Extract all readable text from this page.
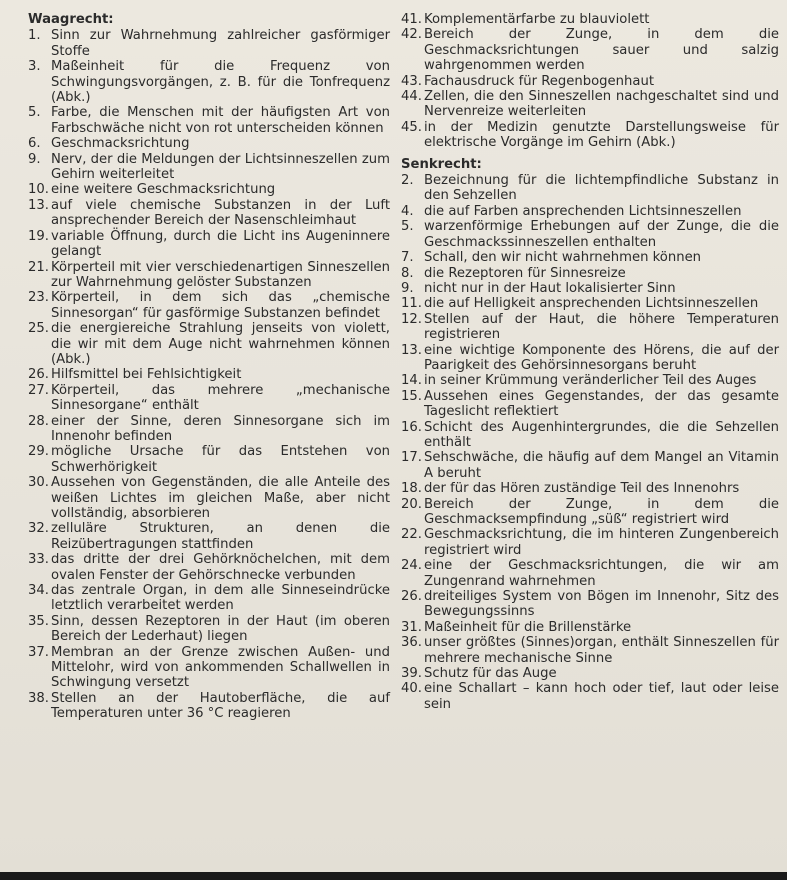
Waagrecht:
1. Sinn zur Wahrnehmung zahlreicher gasförmiger Stoffe
3. Maßeinheit für die Frequenz von Schwingungsvorgängen, z. B. für die Tonfrequenz (Abk.)
5. Farbe, die Menschen mit der häufigsten Art von Farbschwäche nicht von rot unterscheiden können
6. Geschmacksrichtung
9. Nerv, der die Meldungen der Lichtsinneszellen zum Gehirn weiterleitet
10. eine weitere Geschmacksrichtung
13. auf viele chemische Substanzen in der Luft ansprechender Bereich der Nasenschleimhaut
19. variable Öffnung, durch die Licht ins Augeninnere gelangt
21. Körperteil mit vier verschiedenartigen Sinneszellen zur Wahrnehmung gelöster Substanzen
23. Körperteil, in dem sich das „chemische Sinnesorgan“ für gasförmige Substanzen befindet
25. die energiereiche Strahlung jenseits von violett, die wir mit dem Auge nicht wahrnehmen können (Abk.)
26. Hilfsmittel bei Fehlsichtigkeit
27. Körperteil, das mehrere „mechanische Sinnesorgane“ enthält
28. einer der Sinne, deren Sinnesorgane sich im Innenohr befinden
29. mögliche Ursache für das Entstehen von Schwerhörigkeit
30. Aussehen von Gegenständen, die alle Anteile des weißen Lichtes im gleichen Maße, aber nicht vollständig, absorbieren
32. zelluläre Strukturen, an denen die Reizübertragungen stattfinden
33. das dritte der drei Gehörknöchelchen, mit dem ovalen Fenster der Gehörschnecke verbunden
34. das zentrale Organ, in dem alle Sinneseindrücke letztlich verarbeitet werden
35. Sinn, dessen Rezeptoren in der Haut (im oberen Bereich der Lederhaut) liegen
37. Membran an der Grenze zwischen Außen- und Mittelohr, wird von ankommenden Schallwellen in Schwingung versetzt
38. Stellen an der Hautoberfläche, die auf Temperaturen unter 36 °C reagieren
41. Komplementärfarbe zu blauviolett
42. Bereich der Zunge, in dem die Geschmacksrichtungen sauer und salzig wahrgenommen werden
43. Fachausdruck für Regenbogenhaut
44. Zellen, die den Sinneszellen nachgeschaltet sind und Nervenreize weiterleiten
45. in der Medizin genutzte Darstellungsweise für elektrische Vorgänge im Gehirn (Abk.)
Senkrecht:
2. Bezeichnung für die lichtempfindliche Substanz in den Sehzellen
4. die auf Farben ansprechenden Lichtsinneszellen
5. warzenförmige Erhebungen auf der Zunge, die die Geschmackssinneszellen enthalten
7. Schall, den wir nicht wahrnehmen können
8. die Rezeptoren für Sinnesreize
9. nicht nur in der Haut lokalisierter Sinn
11. die auf Helligkeit ansprechenden Lichtsinneszellen
12. Stellen auf der Haut, die höhere Temperaturen registrieren
13. eine wichtige Komponente des Hörens, die auf der Paarigkeit des Gehörsinnesorgans beruht
14. in seiner Krümmung veränderlicher Teil des Auges
15. Aussehen eines Gegenstandes, der das gesamte Tageslicht reflektiert
16. Schicht des Augenhintergrundes, die die Sehzellen enthält
17. Sehschwäche, die häufig auf dem Mangel an Vitamin A beruht
18. der für das Hören zuständige Teil des Innenohrs
20. Bereich der Zunge, in dem die Geschmacksempfindung „süß“ registriert wird
22. Geschmacksrichtung, die im hinteren Zungenbereich registriert wird
24. eine der Geschmacksrichtungen, die wir am Zungenrand wahrnehmen
26. dreiteiliges System von Bögen im Innenohr, Sitz des Bewegungssinns
31. Maßeinheit für die Brillenstärke
36. unser größtes (Sinnes)organ, enthält Sinneszellen für mehrere mechanische Sinne
39. Schutz für das Auge
40. eine Schallart – kann hoch oder tief, laut oder leise sein
